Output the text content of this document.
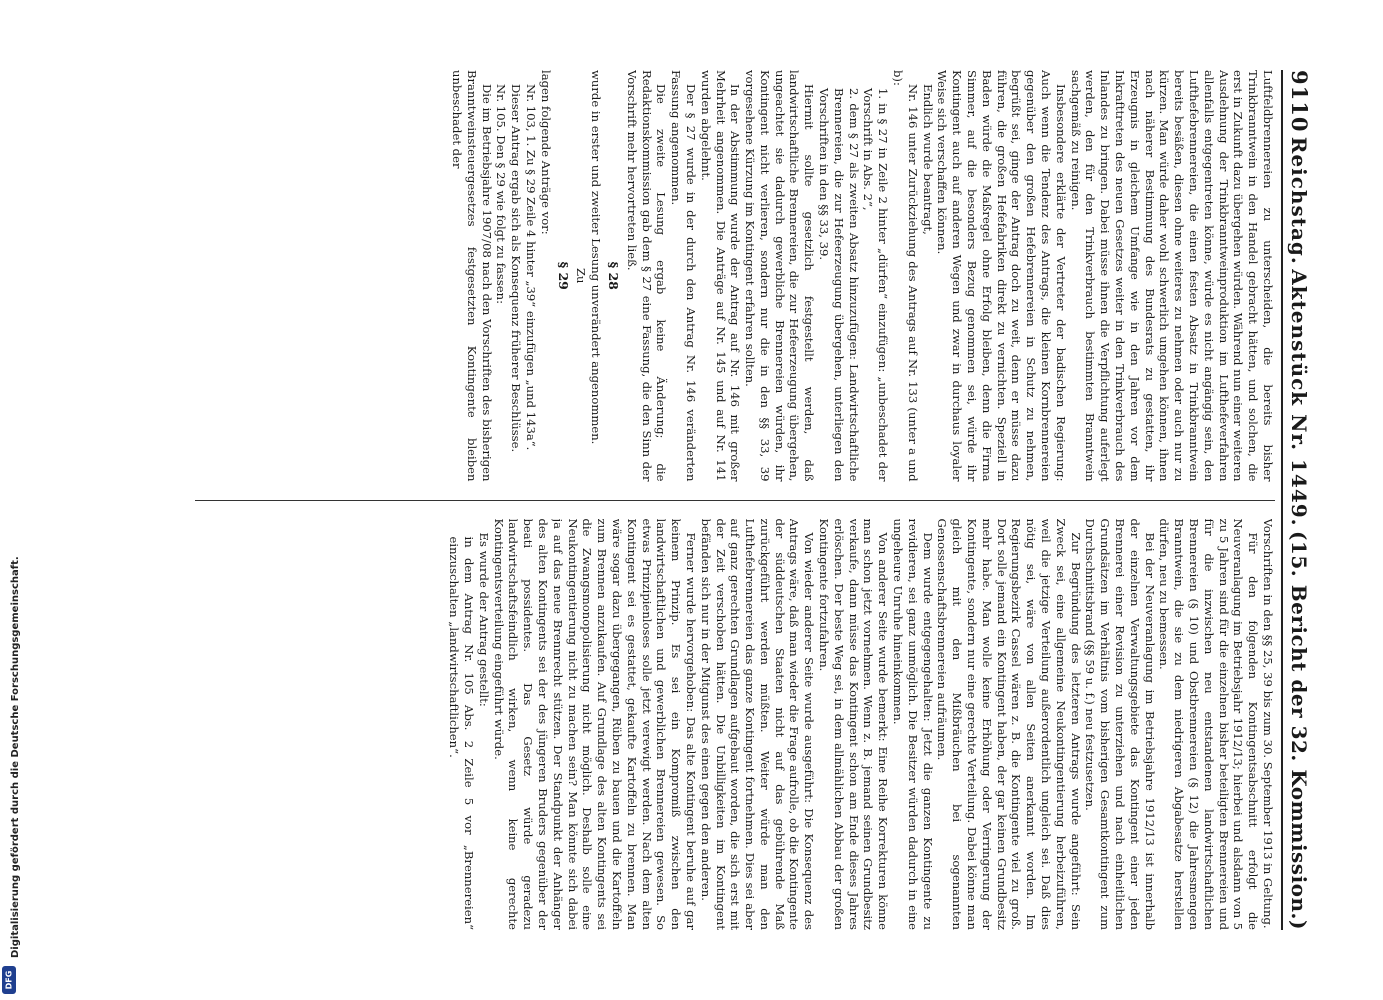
DFG
Digitalisierung gefördert durch die Deutsche Forschungsgemeinschaft.
9110
Reichstag.
Aktenstück Nr. 1449.
(15. Bericht der 32. Kommission.)

Luftfeldbrennereien zu unterscheiden, die bereits bisher Trinkbranntwein in den Handel gebracht hätten, und solchen, die erst in Zukunft dazu übergehen würden. Während nun einer weiteren Ausdehnung der Trinkbranntweinproduktion im Lufthefeverfahren allenfalls entgegentreten könne, würde es nicht angängig sein, den Lufthefebrennereien, die einen festen Absatz in Trinkbranntwein bereits besäßen, diesen ohne weiteres zu nehmen oder auch nur zu kürzen. Man würde daher wohl schwerlich umgehen können, ihnen nach näherer Bestimmung des Bundesrats zu gestatten, ihr Erzeugnis in gleichem Umfange wie in den Jahren vor dem Inkrafttreten des neuen Gesetzes weiter in den Trinkverbrauch des Inlandes zu bringen. Dabei müsse ihnen die Verpflichtung auferlegt werden, den für den Trinkverbrauch bestimmten Branntwein sachgemäß zu reinigen.

Insbesondere erklärte der Vertreter der badischen Regierung: Auch wenn die Tendenz des Antrags, die kleinen Kornbrennereien gegenüber den großen Hefebrennereien in Schutz zu nehmen, begrüßt sei, ginge der Antrag doch zu weit, denn er müsse dazu führen, die großen Hefefabriken direkt zu vernichten. Speziell in Baden würde die Maßregel ohne Erfolg bleiben, denn die Firma Simmer, auf die besonders Bezug genommen sei, würde ihr Kontingent auch auf anderen Wegen und zwar in durchaus loyaler Weise sich verschaffen können.

Endlich wurde beantragt,

Nr. 146 unter Zurückziehung des Antrags auf Nr. 133 (unter a und b):

1. in § 27 in Zeile 2 hinter „dürfen“ einzufügen: „unbeschadet der Vorschrift in Abs. 2“,

2. dem § 27 als zweiten Absatz hinzuzufügen: Landwirtschaftliche Brennereien, die zur Hefeerzeugung übergehen, unterliegen den Vorschriften in den §§ 33, 39.

Hiermit sollte gesetzlich festgestellt werden, daß landwirtschaftliche Brennereien, die zur Hefeerzeugung übergehen, ungeachtet sie dadurch gewerbliche Brennereien würden, ihr Kontingent nicht verlieren, sondern nur die in den §§ 33, 39 vorgesehene Kürzung im Kontingent erfahren sollten.

In der Abstimmung wurde der Antrag auf Nr. 146 mit großer Mehrheit angenommen. Die Anträge auf Nr. 145 und auf Nr. 141 wurden abgelehnt.

Der § 27 wurde in der durch den Antrag Nr. 146 veränderten Fassung angenommen.

Die zweite Lesung ergab keine Änderung; die Redaktionskommission gab dem § 27 eine Fassung, die den Sinn der Vorschrift mehr hervortreten ließ.

§ 28

wurde in erster und zweiter Lesung unverändert angenommen.

Zu

§ 29

lagen folgende Anträge vor:

Nr. 103, 1. Zu § 29 Zeile 4 hinter „39“ einzufügen „und 143a“.

Dieser Antrag ergab sich als Konsequenz früherer Beschlüsse.

Nr. 105. Den § 29 wie folgt zu fassen:

Die im Betriebsjahre 1907/08 nach den Vorschriften des bisherigen Branntweinsteuergesetzes festgesetzten Kontingente bleiben unbeschadet der

Vorschriften in den §§ 25, 39 bis zum 30. September 1913 in Geltung.

Für den folgenden Kontingentsabschnitt erfolgt die Neuveranlagung im Betriebsjahr 1912/13; hierbei und alsdann von 5 zu 5 Jahren sind für die einzelnen bisher beteiligten Brennereien und für die inzwischen neu entstandenen landwirtschaftlichen Brennereien (§ 10) und Obstbrennereien (§ 12) die Jahresmengen Branntwein, die sie zu dem niedrigeren Abgabesatze herstellen dürfen, neu zu bemessen.

Bei der Neuveranlagung im Betriebsjahre 1912/13 ist innerhalb der einzelnen Verwaltungsgebiete das Kontingent einer jeden Brennerei einer Revision zu unterziehen und nach einheitlichen Grundsätzen im Verhältnis vom bisherigen Gesamtkontingent zum Durchschnittsbrand (§§ 59 u. f.) neu festzusetzen.

Zur Begründung des letzteren Antrags wurde angeführt: Sein Zweck sei, eine allgemeine Neukontingentierung herbeizuführen, weil die jetzige Verteilung außerordentlich ungleich sei. Daß dies nötig sei, wäre von allen Seiten anerkannt worden. Im Regierungsbezirk Cassel wären z. B. die Kontingente viel zu groß. Dort solle jemand ein Kontingent haben, der gar keinen Grundbesitz mehr habe. Man wolle keine Erhöhung oder Verringerung der Kontingente, sondern nur eine gerechte Verteilung. Dabei könne man gleich mit den Mißbräuchen bei sogenannten Genossenschaftsbrennereien aufräumen.

Dem wurde entgegengehalten: Jetzt die ganzen Kontingente zu revidieren, sei ganz unmöglich. Die Besitzer würden dadurch in eine ungeheure Unruhe hineinkommen.

Von anderer Seite wurde bemerkt: Eine Reihe Korrekturen könne man schon jetzt vornehmen. Wenn z. B. jemand seinen Grundbesitz verkaufe, dann müsse das Kontingent schon am Ende dieses Jahres erlöschen. Der beste Weg sei, in dem allmählichen Abbau der großen Kontingente fortzufahren.

Von wieder anderer Seite wurde ausgeführt: Die Konsequenz des Antrags wäre, daß man wieder die Frage aufrolle, ob die Kontingente der süddeutschen Staaten nicht auf das gebührende Maß zurückgeführt werden müßten. Weiter würde man den Lufthefebrennereien das ganze Kontingent fortnehmen. Dies sei aber auf ganz gerechten Grundlagen aufgebaut worden, die sich erst mit der Zeit verschoben hätten. Die Unbilligkeiten im Kontingent befänden sich nur in der Mitgunst des einen gegen den anderen.

Ferner wurde hervorgehoben: Das alte Kontingent beruhe auf gar keinem Prinzip. Es sei ein Kompromiß zwischen den landwirtschaftlichen und gewerblichen Brennereien gewesen. So etwas Prinzipienloses solle jetzt verewigt werden. Nach dem alten Kontingent sei es gestattet, gekaufte Kartoffeln zu brennen. Man wäre sogar dazu übergegangen, Rüben zu bauen und die Kartoffeln zum Brennen anzukaufen. Auf Grundlage des alten Kontingents sei die Zwangsmonopolisierung nicht möglich. Deshalb solle eine Neukontingentierung nicht zu machen sein? Man könnte sich dabei ja auf das neue Brennrecht stützen. Der Standpunkt der Anhänger des alten Kontingents sei der des jüngeren Bruders gegenüber der beati possidentes. Das Gesetz würde geradezu landwirtschaftsfeindlich wirken, wenn keine gerechte Kontingentsverteilung eingeführt würde.

Es wurde der Antrag gestellt:

in dem Antrag Nr. 105 Abs. 2 Zeile 5 vor „Brennereien“ einzuschalten „landwirtschaftlichen“.
